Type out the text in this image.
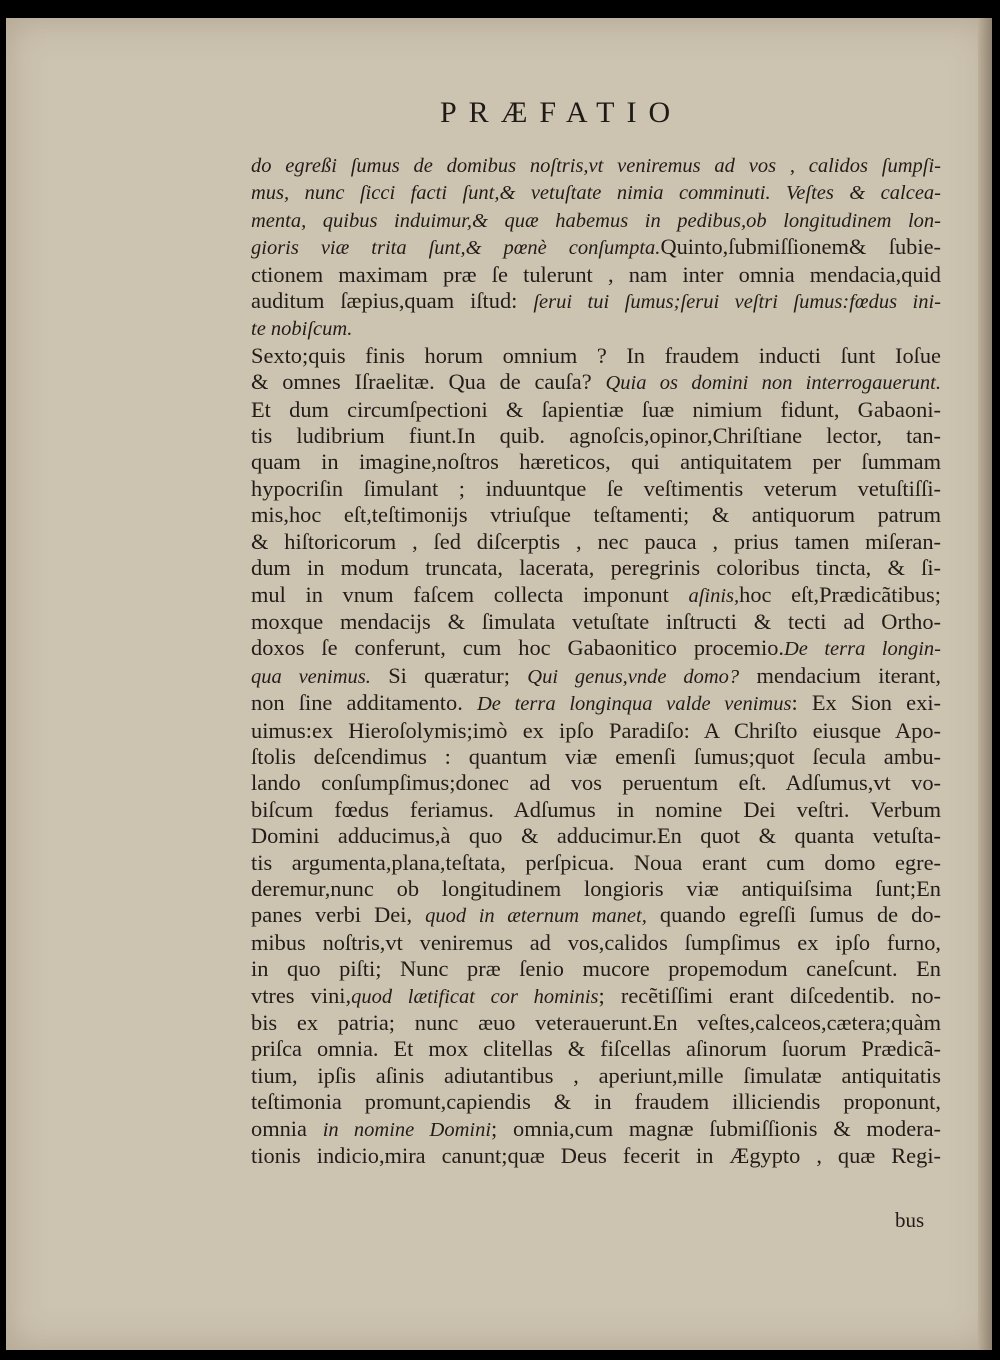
PRÆFATIO
do egreßi ſumus de domibus noſtris,vt veniremus ad vos , calidos ſumpſi-
mus, nunc ſicci facti ſunt,& vetuſtate nimia comminuti. Veſtes & calcea-
menta, quibus induimur,& quæ habemus in pedibus,ob longitudinem lon-
gioris viæ trita ſunt,& pœnè conſumpta.Quinto,ſubmiſſionem& ſubie-
ctionem maximam præ ſe tulerunt , nam inter omnia mendacia,quid
auditum ſæpius,quam iſtud: ſerui tui ſumus;ſerui veſtri ſumus:fœdus ini-
te nobiſcum.
Sexto;quis finis horum omnium ? In fraudem inducti ſunt Ioſue
& omnes Iſraelitæ. Qua de cauſa? Quia os domini non interrogauerunt.
Et dum circumſpectioni & ſapientiæ ſuæ nimium fidunt, Gabaoni-
tis ludibrium fiunt.In quib. agnoſcis,opinor,Chriſtiane lector, tan-
quam in imagine,noſtros hæreticos, qui antiquitatem per ſummam
hypocriſin ſimulant ; induuntque ſe veſtimentis veterum vetuſtiſſi-
mis,hoc eſt,teſtimonijs vtriuſque teſtamenti; & antiquorum patrum
& hiſtoricorum , ſed diſcerptis , nec pauca , prius tamen miſeran-
dum in modum truncata, lacerata, peregrinis coloribus tincta, & ſi-
mul in vnum faſcem collecta imponunt aſinis,hoc eſt,Prædicãtibus;
moxque mendacijs & ſimulata vetuſtate inſtructi & tecti ad Ortho-
doxos ſe conferunt, cum hoc Gabaonitico procemio.De terra longin-
qua venimus. Si quæratur; Qui genus,vnde domo? mendacium iterant,
non ſine additamento. De terra longinqua valde venimus: Ex Sion exi-
uimus:ex Hieroſolymis;imò ex ipſo Paradiſo: A Chriſto eiusque Apo-
ſtolis deſcendimus : quantum viæ emenſi ſumus;quot ſecula ambu-
lando conſumpſimus;donec ad vos peruentum eſt. Adſumus,vt vo-
biſcum fœdus feriamus. Adſumus in nomine Dei veſtri. Verbum
Domini adducimus,à quo & adducimur.En quot & quanta vetuſta-
tis argumenta,plana,teſtata, perſpicua. Noua erant cum domo egre-
deremur,nunc ob longitudinem longioris viæ antiquiſsima ſunt;En
panes verbi Dei, quod in æternum manet, quando egreſſi ſumus de do-
mibus noſtris,vt veniremus ad vos,calidos ſumpſimus ex ipſo furno,
in quo piſti; Nunc præ ſenio mucore propemodum caneſcunt. En
vtres vini,quod lætificat cor hominis; recẽtiſſimi erant diſcedentib. no-
bis ex patria; nunc æuo veterauerunt.En veſtes,calceos,cætera;quàm
priſca omnia. Et mox clitellas & fiſcellas aſinorum ſuorum Prædicã-
tium, ipſis aſinis adiutantibus , aperiunt,mille ſimulatæ antiquitatis
teſtimonia promunt,capiendis & in fraudem illiciendis proponunt,
omnia in nomine Domini; omnia,cum magnæ ſubmiſſionis & modera-
tionis indicio,mira canunt;quæ Deus fecerit in Ægypto , quæ Regi-
bus
